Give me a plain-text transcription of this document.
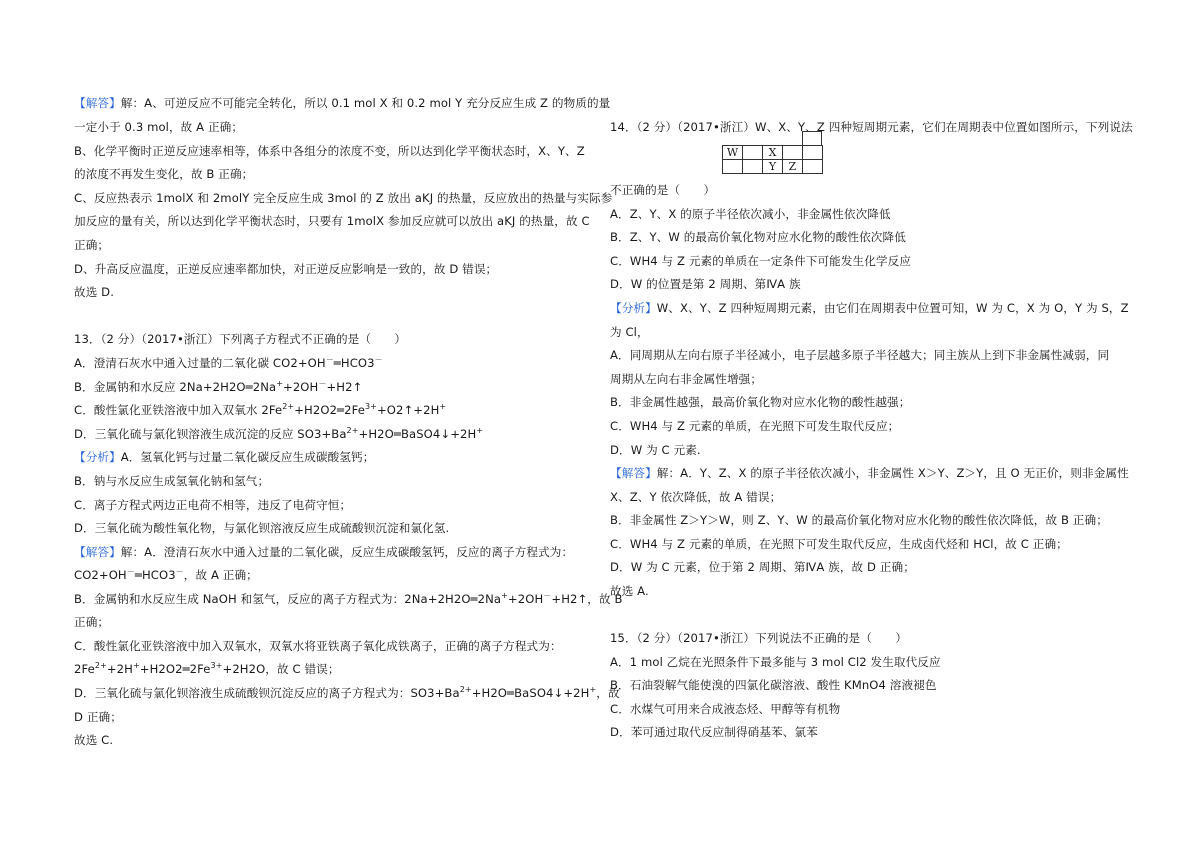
【解答】解：A、可逆反应不可能完全转化，所以 0.1 mol X 和 0.2 mol Y 充分反应生成 Z 的物质的量
一定小于 0.3 mol，故 A 正确；
B、化学平衡时正逆反应速率相等，体系中各组分的浓度不变，所以达到化学平衡状态时，X、Y、Z
的浓度不再发生变化，故 B 正确；
C、反应热表示 1molX 和 2molY 完全反应生成 3mol 的 Z 放出 aKJ 的热量，反应放出的热量与实际参
加反应的量有关，所以达到化学平衡状态时，只要有 1molX 参加反应就可以放出 aKJ 的热量，故 C
正确；
D、升高反应温度，正逆反应速率都加快，对正逆反应影响是一致的，故 D 错误；
故选 D.
13．（2 分）（2017•浙江）下列离子方程式不正确的是（　　）
A．澄清石灰水中通入过量的二氧化碳 CO2+OH－═HCO3－
B．金属钠和水反应 2Na+2H2O═2Na++2OH－+H2↑
C．酸性氯化亚铁溶液中加入双氧水 $2Fe^{2+}+H2O2═2Fe^{3+}+O2↑+2H^+$
D．三氧化硫与氯化钡溶液生成沉淀的反应 $SO3+Ba^{2+}+H2O═BaSO4↓+2H^+$
【分析】A．氢氧化钙与过量二氧化碳反应生成碳酸氢钙；
B．钠与水反应生成氢氧化钠和氢气；
C．离子方程式两边正电荷不相等，违反了电荷守恒；
D．三氧化硫为酸性氧化物，与氯化钡溶液反应生成硫酸钡沉淀和氯化氢.
【解答】解：A．澄清石灰水中通入过量的二氧化碳，反应生成碳酸氢钙，反应的离子方程式为：
CO2+OH－═HCO3－，故 A 正确；
B．金属钠和水反应生成 NaOH 和氢气，反应的离子方程式为：2Na+2H2O═2Na++2OH－+H2↑，故 B
正确；
C．酸性氯化亚铁溶液中加入双氧水，双氧水将亚铁离子氧化成铁离子，正确的离子方程式为：
$2Fe^{2+}+2H^++H2O2═2Fe^{3+}+2H2O$，故 C 错误；
D．三氧化硫与氯化钡溶液生成硫酸钡沉淀反应的离子方程式为：$SO3+Ba^{2+}+H2O═BaSO4↓+2H^+$，故
D 正确；
故选 C.
14．（2 分）（2017•浙江）W、X、Y、Z 四种短周期元素，它们在周期表中位置如图所示，下列说法
W		X		
		Y	Z	
不正确的是（　　）
A．Z、Y、X 的原子半径依次减小，非金属性依次降低
B．Z、Y、W 的最高价氧化物对应水化物的酸性依次降低
C．WH4 与 Z 元素的单质在一定条件下可能发生化学反应
D．W 的位置是第 2 周期、第ⅣA 族
【分析】W、X、Y、Z 四种短周期元素，由它们在周期表中位置可知，W 为 C，X 为 O，Y 为 S，Z
为 Cl，
A．同周期从左向右原子半径减小，电子层越多原子半径越大；同主族从上到下非金属性减弱，同
周期从左向右非金属性增强；
B．非金属性越强，最高价氧化物对应水化物的酸性越强；
C．WH4 与 Z 元素的单质，在光照下可发生取代反应；
D．W 为 C 元素.
【解答】解：A．Y、Z、X 的原子半径依次减小，非金属性 X＞Y、Z＞Y，且 O 无正价，则非金属性
X、Z、Y 依次降低，故 A 错误；
B．非金属性 Z＞Y＞W，则 Z、Y、W 的最高价氧化物对应水化物的酸性依次降低，故 B 正确；
C．WH4 与 Z 元素的单质，在光照下可发生取代反应，生成卤代烃和 HCl，故 C 正确；
D．W 为 C 元素，位于第 2 周期、第ⅣA 族，故 D 正确；
故选 A.
15．（2 分）（2017•浙江）下列说法不正确的是（　　）
A．1 mol 乙烷在光照条件下最多能与 3 mol Cl2 发生取代反应
B．石油裂解气能使溴的四氯化碳溶液、酸性 KMnO4 溶液褪色
C．水煤气可用来合成液态烃、甲醇等有机物
D．苯可通过取代反应制得硝基苯、氯苯
